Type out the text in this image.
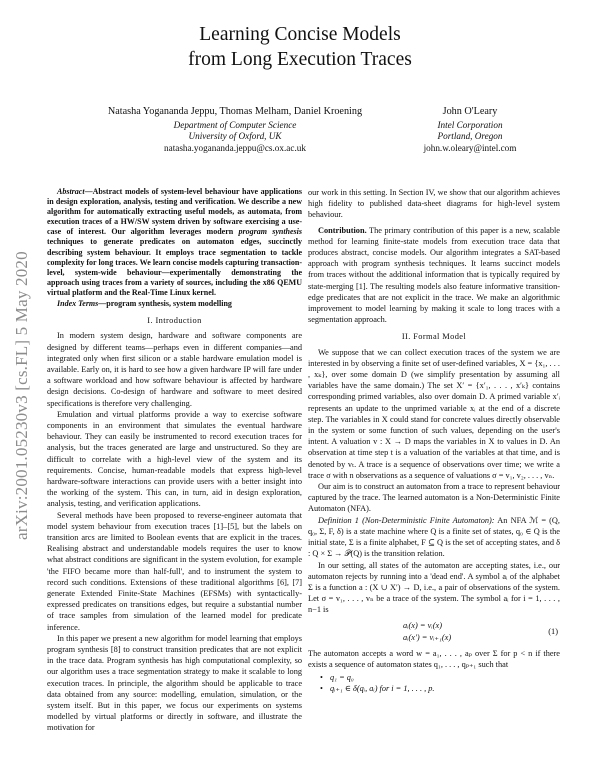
arXiv:2001.05230v3 [cs.FL] 5 May 2020
Learning Concise Models
from Long Execution Traces
Natasha Yogananda Jeppu, Thomas Melham, Daniel Kroening
Department of Computer Science
University of Oxford, UK
natasha.yogananda.jeppu@cs.ox.ac.uk
John O'Leary
Intel Corporation
Portland, Oregon
john.w.oleary@intel.com

Abstract—Abstract models of system-level behaviour have applications in design exploration, analysis, testing and verification. We describe a new algorithm for automatically extracting useful models, as automata, from execution traces of a HW/SW system driven by software exercising a use-case of interest. Our algorithm leverages modern program synthesis techniques to generate predicates on automaton edges, succinctly describing system behaviour. It employs trace segmentation to tackle complexity for long traces. We learn concise models capturing transaction-level, system-wide behaviour—experimentally demonstrating the approach using traces from a variety of sources, including the x86 QEMU virtual platform and the Real-Time Linux kernel.

Index Terms—program synthesis, system modelling

I. Introduction

In modern system design, hardware and software components are designed by different teams—perhaps even in different companies—and integrated only when first silicon or a stable hardware emulation model is available. Early on, it is hard to see how a given hardware IP will fare under a software workload and how software behaviour is affected by hardware design decisions. Co-design of hardware and software to meet desired specifications is therefore very challenging.

Emulation and virtual platforms provide a way to exercise software components in an environment that simulates the eventual hardware behaviour. They can easily be instrumented to record execution traces for analysis, but the traces generated are large and unstructured. So they are difficult to correlate with a high-level view of the system and its requirements. Concise, human-readable models that express high-level hardware-software interactions can provide users with a better insight into the working of the system. This can, in turn, aid in design exploration, analysis, testing, and verification applications.

Several methods have been proposed to reverse-engineer automata that model system behaviour from execution traces [1]–[5], but the labels on transition arcs are limited to Boolean events that are explicit in the traces. Realising abstract and understandable models requires the user to know what abstract conditions are significant in the system evolution, for example 'the FIFO became more than half-full', and to instrument the system to record such conditions. Extensions of these traditional algorithms [6], [7] generate Extended Finite-State Machines (EFSMs) with syntactically-expressed predicates on transitions edges, but require a substantial number of trace samples from simulation of the learned model for predicate inference.

In this paper we present a new algorithm for model learning that employs program synthesis [8] to construct transition predicates that are not explicit in the trace data. Program synthesis has high computational complexity, so our algorithm uses a trace segmentation strategy to make it scalable to long execution traces. In principle, the algorithm should be applicable to trace data obtained from any source: modelling, emulation, simulation, or the system itself. But in this paper, we focus our experiments on systems modelled by virtual platforms or directly in software, and illustrate the motivation for

our work in this setting. In Section IV, we show that our algorithm achieves high fidelity to published data-sheet diagrams for high-level system behaviour.

Contribution. The primary contribution of this paper is a new, scalable method for learning finite-state models from execution trace data that produces abstract, concise models. Our algorithm integrates a SAT-based approach with program synthesis techniques. It learns succinct models from traces without the additional information that is typically required by state-merging [1]. The resulting models also feature informative transition-edge predicates that are not explicit in the trace. We make an algorithmic improvement to model learning by making it scale to long traces with a segmentation approach.

II. Formal Model

We suppose that we can collect execution traces of the system we are interested in by observing a finite set of user-defined variables, X = {x₁, . . . , xₖ}, over some domain D (we simplify presentation by assuming all variables have the same domain.) The set X′ = {x′₁, . . . , x′ₖ} contains corresponding primed variables, also over domain D. A primed variable x′ᵢ represents an update to the unprimed variable xᵢ at the end of a discrete step. The variables in X could stand for concrete values directly observable in the system or some function of such values, depending on the user's intent. A valuation v : X → D maps the variables in X to values in D. An observation at time step t is a valuation of the variables at that time, and is denoted by vₜ. A trace is a sequence of observations over time; we write a trace σ with n observations as a sequence of valuations σ = v₁, v₂, . . . , vₙ.

Our aim is to construct an automaton from a trace to represent behaviour captured by the trace. The learned automaton is a Non-Deterministic Finite Automaton (NFA).

Definition 1 (Non-Deterministic Finite Automaton): An NFA ℳ = (Q, q₀, Σ, F, δ) is a state machine where Q is a finite set of states, q₀ ∈ Q is the initial state, Σ is a finite alphabet, F ⊆ Q is the set of accepting states, and δ : Q × Σ → 𝒫(Q) is the transition relation.

In our setting, all states of the automaton are accepting states, i.e., our automaton rejects by running into a 'dead end'. A symbol aᵢ of the alphabet Σ is a function a : (X ∪ X′) → D, i.e., a pair of observations of the system. Let σ = v₁, . . . , vₙ be a trace of the system. The symbol aᵢ for i = 1, . . . , n−1 is

aᵢ(x) = vᵢ(x)
aᵢ(x′) = vᵢ₊₁(x)
(1)

The automaton accepts a word w = a₁, . . . , aₚ over Σ for p < n if there exists a sequence of automaton states q₁, . . . , qₚ₊₁ such that

• q₁ = q₀
• qᵢ₊₁ ∈ δ(qᵢ, aᵢ) for i = 1, . . . , p.
